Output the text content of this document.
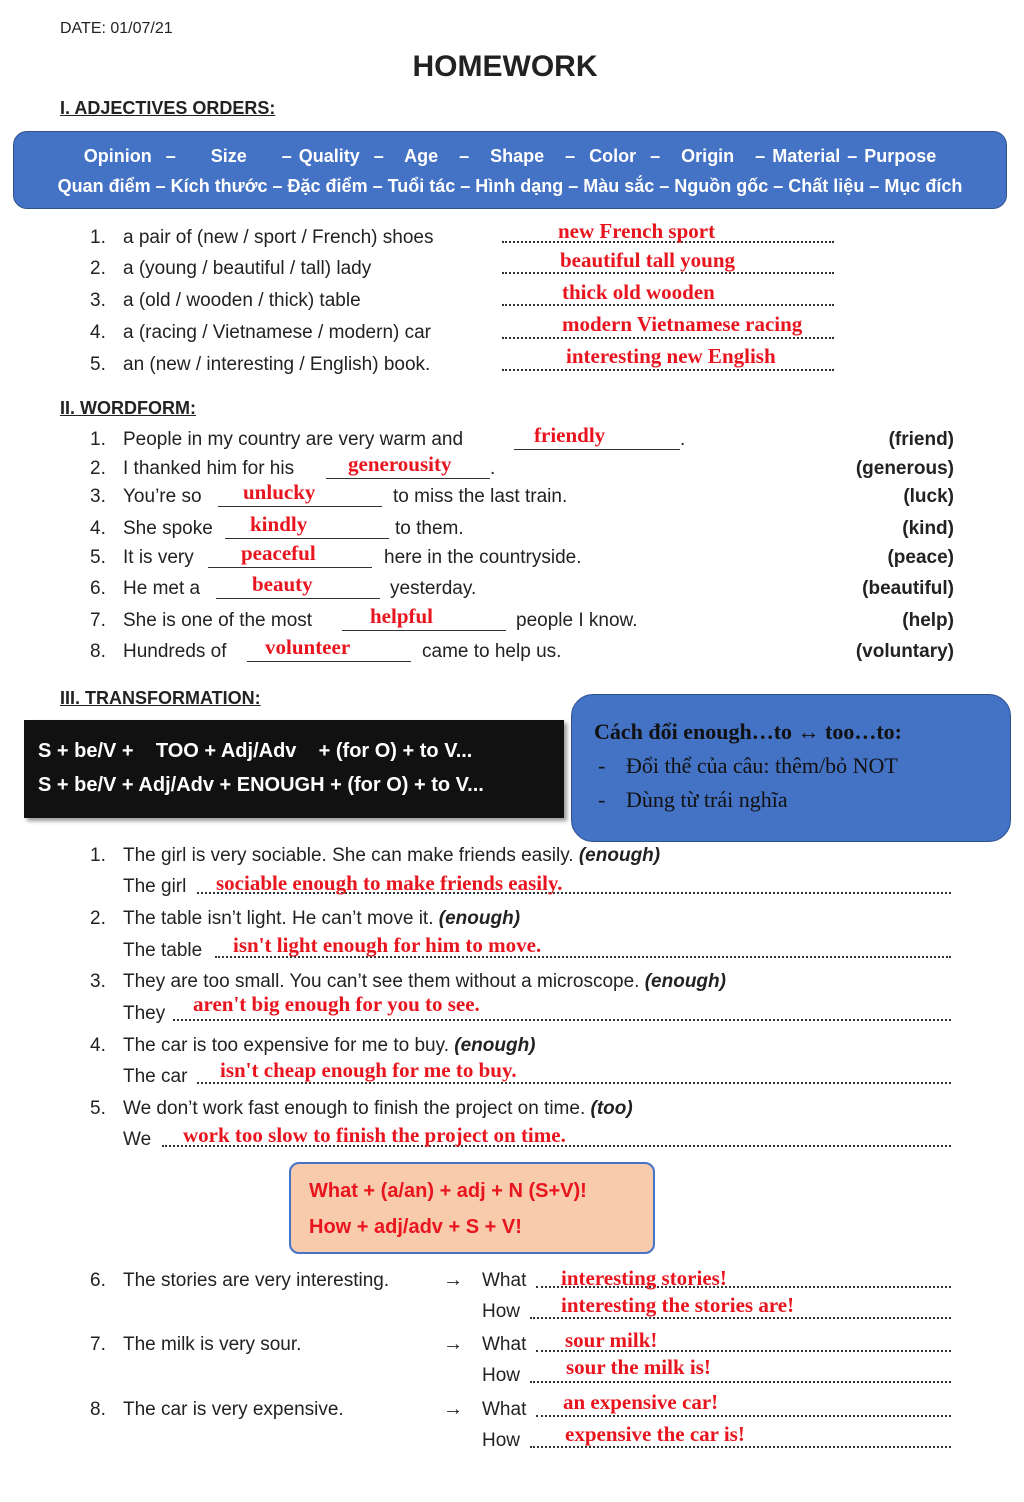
DATE: 01/07/21
HOMEWORK
I. ADJECTIVES ORDERS:
Opinion  –     Size     – Quality  –   Age   –   Shape   –  Color  –   Origin   – Material – Purpose
Quan điểm – Kích thước – Đặc điểm – Tuổi tác – Hình dạng – Màu sắc – Nguồn gốc – Chất liệu – Mục đích
1. a pair of (new / sport / French) shoes	new French sport
2. a (young / beautiful / tall) lady	beautiful tall young
3. a (old / wooden / thick) table	thick old wooden
4. a (racing / Vietnamese / modern) car	modern Vietnamese racing
5. an (new / interesting / English) book.	interesting new English
II. WORDFORM:
1. People in my country are very warm and	friendly	.	(friend)
2. I thanked him for his	generousity .	(generous)
3. You’re so unlucky	to miss the last train.	(luck)
4. She spoke kindly	to them.	(kind)
5. It is very peaceful	here in the countryside.	(peace)
6. He met a beauty	yesterday.	(beautiful)
7. She is one of the most	helpful	people I know.	(help)
8. Hundreds of volunteer	came to help us.	(voluntary)
III. TRANSFORMATION:
S + be/V +    TOO + Adj/Adv    + (for O) + to V...
S + be/V + Adj/Adv + ENOUGH + (for O) + to V...
Cách đổi enough…to ↔ too…to:
- Đổi thể của câu: thêm/bỏ NOT
- Dùng từ trái nghĩa
1. The girl is very sociable. She can make friends easily. (enough)
The girl sociable enough to make friends easily.
2. The table isn’t light. He can’t move it. (enough)
The table isn't light enough for him to move.
3. They are too small. You can’t see them without a microscope. (enough)
They aren't big enough for you to see.
4. The car is too expensive for me to buy. (enough)
The car isn't cheap enough for me to buy.
5. We don’t work fast enough to finish the project on time. (too)
We work too slow to finish the project on time.
What + (a/an) + adj + N (S+V)!
How + adj/adv + S + V!
6. The stories are very interesting.	→ What interesting stories!
How interesting the stories are!
7. The milk is very sour.	→ What sour milk!
How sour the milk is!
8. The car is very expensive.	→ What an expensive car!
How expensive the car is!
